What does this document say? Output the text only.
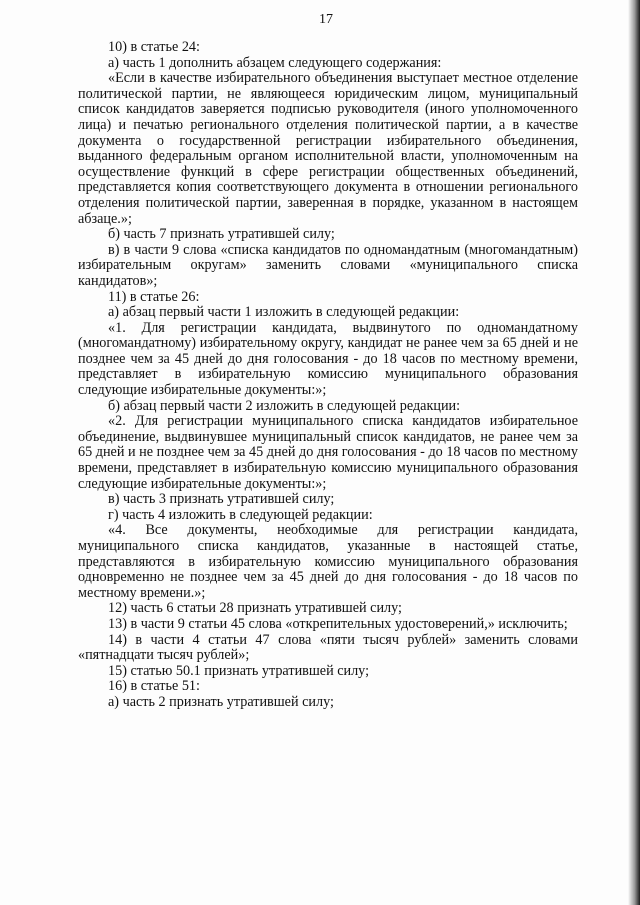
17

10) в статье 24:

а) часть 1 дополнить абзацем следующего содержания:

«Если в качестве избирательного объединения выступает местное отделение политической партии, не являющееся юридическим лицом, муниципальный список кандидатов заверяется подписью руководителя (иного уполномоченного лица) и печатью регионального отделения политической партии, а в качестве документа о государственной регистрации избирательного объединения, выданного федеральным органом исполнительной власти, уполномоченным на осуществление функций в сфере регистрации общественных объединений, представляется копия соответствующего документа в отношении регионального отделения политической партии, заверенная в порядке, указанном в настоящем абзаце.»;

б) часть 7 признать утратившей силу;

в) в части 9 слова «списка кандидатов по одномандатным (многомандатным) избирательным округам» заменить словами «муниципального списка кандидатов»;

11) в статье 26:

а) абзац первый части 1 изложить в следующей редакции:

«1. Для регистрации кандидата, выдвинутого по одномандатному (многомандатному) избирательному округу, кандидат не ранее чем за 65 дней и не позднее чем за 45 дней до дня голосования - до 18 часов по местному времени, представляет в избирательную комиссию муниципального образования следующие избирательные документы:»;

б) абзац первый части 2 изложить в следующей редакции:

«2. Для регистрации муниципального списка кандидатов избирательное объединение, выдвинувшее муниципальный список кандидатов, не ранее чем за 65 дней и не позднее чем за 45 дней до дня голосования - до 18 часов по местному времени, представляет в избирательную комиссию муниципального образования следующие избирательные документы:»;

в) часть 3 признать утратившей силу;

г) часть 4 изложить в следующей редакции:

«4. Все документы, необходимые для регистрации кандидата, муниципального списка кандидатов, указанные в настоящей статье, представляются в избирательную комиссию муниципального образования одновременно не позднее чем за 45 дней до дня голосования - до 18 часов по местному времени.»;

12) часть 6 статьи 28 признать утратившей силу;

13) в части 9 статьи 45 слова «открепительных удостоверений,» исключить;

14) в части 4 статьи 47 слова «пяти тысяч рублей» заменить словами «пятнадцати тысяч рублей»;

15) статью 50.1 признать утратившей силу;

16) в статье 51:

а) часть 2 признать утратившей силу;
